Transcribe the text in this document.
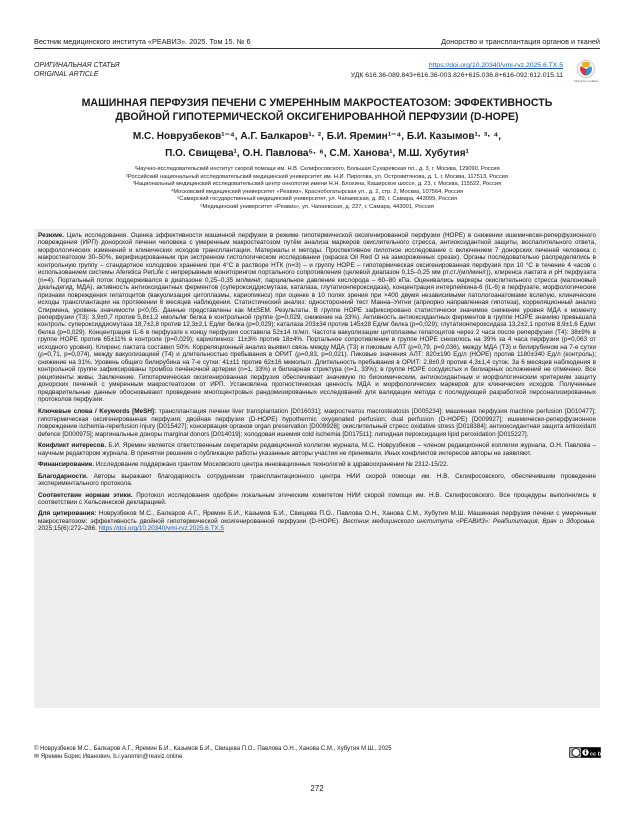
Вестник медицинского института «РЕАВИЗ». 2025. Том 15. № 6	Донорство и трансплантация органов и тканей
ОРИГИНАЛЬНАЯ СТАТЬЯ
ORIGINAL ARTICLE
https://doi.org/10.20340/vmi-rvz.2025.6.TX.5
УДК 616.36-089.843+616.36-003.826+615.036.8+616-092:612.015.11
Check for updates
МАШИННАЯ ПЕРФУЗИЯ ПЕЧЕНИ С УМЕРЕННЫМ МАКРОСТЕАТОЗОМ: ЭФФЕКТИВНОСТЬ
ДВОЙНОЙ ГИПОТЕРМИЧЕСКОЙ ОКСИГЕНИРОВАННОЙ ПЕРФУЗИИ (D-HOPE)
М.С. Новрузбеков¹⁻⁴, А.Г. Балкаров¹· ², Б.И. Яремин¹⁻⁴, Б.И. Казымов¹· ³· ⁴,
П.О. Свищева¹, О.Н. Павлова⁵· ⁶, С.М. Ханова¹, М.Ш. Хубутия¹
¹Научно-исследовательский институт скорой помощи им. Н.В. Склифосовского, Большая Сухаревская пл., д. 3, г. Москва, 129090, Россия
²Российский национальный исследовательский медицинский университет им. Н.И. Пирогова, ул. Островитянова, д. 1, г. Москва, 117513, Россия
³Национальный медицинский исследовательский центр онкологии имени Н.Н. Блохина, Каширское шоссе, д. 23, г. Москва, 115522, Россия
⁴Московский медицинский университет «Реавиз», Краснобогатырская ул., д. 2, стр. 2, Москва, 107564, Россия
⁵Самарский государственный медицинский университет, ул. Чапаевская, д. 89, г. Самара, 443099, Россия
⁶Медицинский университет «Реавиз», ул. Чапаевская, д. 227, г. Самара, 443001, Россия

Резюме. Цель исследования. Оценка эффективности машинной перфузии в режиме гипотермической оксигенированной перфузии (HOPE) в снижении ишемически-реперфузионного повреждения (ИРП) донорской печени человека с умеренным макростеатозом путём анализа маркеров окислительного стресса, антиоксидантной защиты, воспалительного ответа, морфологических изменений и клинических исходов трансплантации. Материалы и методы. Проспективное пилотное исследование с включением 7 донорских печеней человека с макростеатозом 30–50%, верифицированным при экстренном гистологическом исследовании (окраска Oil Red O на замороженных срезах). Органы последовательно распределялись в контрольную группу – стандартное холодовое хранение при 4°C в растворе НТК (n=3) – и группу HOPE – гипотермическая оксигенированная перфузия при 10 °C в течение 4 часов с использованием системы Aferetica PerLife с непрерывным мониторингом портального сопротивления (целевой диапазон 0,15–0,25 мм рт.ст./(мл/мин/г)), клиренса лактата и pH перфузата (n=4). Портальный поток поддерживался в диапазоне 0,25–0,35 мл/мин/г, парциальное давление кислорода – 60–80 кПа. Оценивались маркеры окислительного стресса (малоновый диальдегид, МДА), активность антиоксидантных ферментов (супероксиддисмутаза, каталаза, глутатионпероксидаза), концентрация интерлейкина-6 (IL-6) в перфузате, морфологические признаки повреждения гепатоцитов (вакуолизация цитоплазмы, кариопикноз) при оценке в 10 полях зрения при ×400 двумя независимыми патологоанатомами вслепую, клинические исходы трансплантации на протяжении 6 месяцев наблюдения. Статистический анализ: односторонний тест Манна–Уитни (априорно направленная гипотеза), корреляционный анализ Спирмена, уровень значимости p<0,05. Данные представлены как M±SEM. Результаты. В группе HOPE зафиксировано статистически значимое снижение уровня МДА к моменту реперфузии (Т3): 3,9±0,7 против 5,8±1,2 нмоль/мг белка в контрольной группе (p=0,029, снижение на 33%). Активность антиоксидантных ферментов в группе HOPE значимо превышала контроль: супероксиддисмутаза 18,7±2,8 против 12,3±2,1 Ед/мг белка (p=0,029); каталаза 203±34 против 145±28 Ед/мг белка (p=0,029); глутатионпероксидаза 13,2±2,1 против 8,9±1,6 Ед/мг белка (p=0,029). Концентрация IL-6 в перфузате к концу перфузии составила 52±14 пг/мл. Частота вакуолизации цитоплазмы гепатоцитов через 2 часа после реперфузии (Т4): 38±9% в группе HOPE против 65±11% в контроле (p=0,029); кариопикноз: 11±3% против 18±4%. Портальное сопротивление в группе HOPE снизилось на 39% за 4 часа перфузии (p=0,063 от исходного уровня). Клиренс лактата составил 50%. Корреляционный анализ выявил связь между МДА (Т3) и пиковым АЛТ (ρ=0,79, p=0,036), между МДА (Т3) и билирубином на 7-е сутки (ρ=0,71, p=0,074), между вакуолизацией (Т4) и длительностью пребывания в ОРИТ (ρ=0,83, p=0,021). Пиковые значения АЛТ: 820±190 Ед/л (HOPE) против 1180±340 Ед/л (контроль); снижение на 31%. Уровень общего билирубина на 7-е сутки: 41±11 против 62±16 мкмоль/л. Длительность пребывания в ОРИТ: 2,8±0,9 против 4,3±1,4 суток. За 6 месяцев наблюдения в контрольной группе зафиксированы тромбоз печёночной артерии (n=1, 33%) и билиарная стриктура (n=1, 33%); в группе HOPE сосудистых и билиарных осложнений не отмечено. Все реципиенты живы. Заключение. Гипотермическая оксигенированная перфузия обеспечивает значимую по биохимическим, антиоксидантным и морфологическим критериям защиту донорских печеней с умеренным макростеатозом от ИРП. Установлена прогностическая ценность МДА и морфологических маркеров для клинических исходов. Полученные предварительные данные обосновывают проведение многоцентровых рандомизированных исследований для валидации метода с последующей разработкой персонализированных протоколов перфузии.

Ключевые слова / Keywords [MeSH]: трансплантация печени liver transplantation [D016031]; макростеатоз macrosteatosis [D005234]; машинная перфузия machine perfusion [D010477]; гипотермическая оксигенированная перфузия; двойная перфузия (D-HOPE) hypothermic oxygenated perfusion; dual perfusion (D-HOPE) [D009927]; ишемически-реперфузионное повреждение ischemia-reperfusion injury [D015427]; консервация органов organ preservation [D009928]; окислительный стресс oxidative stress [D018384]; антиоксидантная защита antioxidant defence [D000975]; маргинальные доноры marginal donors [D014019]; холодовая ишемия cold ischemia [D017511]; липидная пероксидация lipid peroxidation [D015227].

Конфликт интересов. Б.И. Яремин является ответственным секретарём редакционной коллегии журнала, М.С. Новрузбеков – членом редакционной коллегии журнала, О.Н. Павлова – научным редактором журнала. В принятии решения о публикации работы указанные авторы участия не принимали. Иных конфликтов интересов авторы не заявляют.

Финансирование. Исследование поддержано грантом Московского центра инновационных технологий в здравоохранении № 2312-15/22.

Благодарности. Авторы выражают благодарность сотрудникам трансплантационного центра НИИ скорой помощи им. Н.В. Склифосовского, обеспечившим проведение экспериментального протокола.

Соответствие нормам этики. Протокол исследования одобрен локальным этическим комитетом НИИ скорой помощи им. Н.В. Склифосовского. Все процедуры выполнялись в соответствии с Хельсинкской декларацией.

Для цитирования: Новрузбеков М.С., Балкаров А.Г., Яремин Б.И., Казымов Б.И., Свищева П.О., Павлова О.Н., Ханова С.М., Хубутия М.Ш. Машинная перфузия печени с умеренным макростеатозом: эффективность двойной гипотермической оксигенированной перфузии (D-HOPE). Вестник медицинского института «РЕАВИЗ»: Реабилитация, Врач и Здоровье. 2025;15(6):272–286. https://doi.org/10.20340/vmi-rvz.2025.6.TX.5

© Новрузбеков М.С., Балкаров А.Г., Яремин Б.И., Казымов Б.И., Свищева П.О., Павлова О.Н., Ханова С.М., Хубутия М.Ш., 2025
✉ Яремин Борис Иванович, b.i.yaremin@reaviz.online	cc by
272
